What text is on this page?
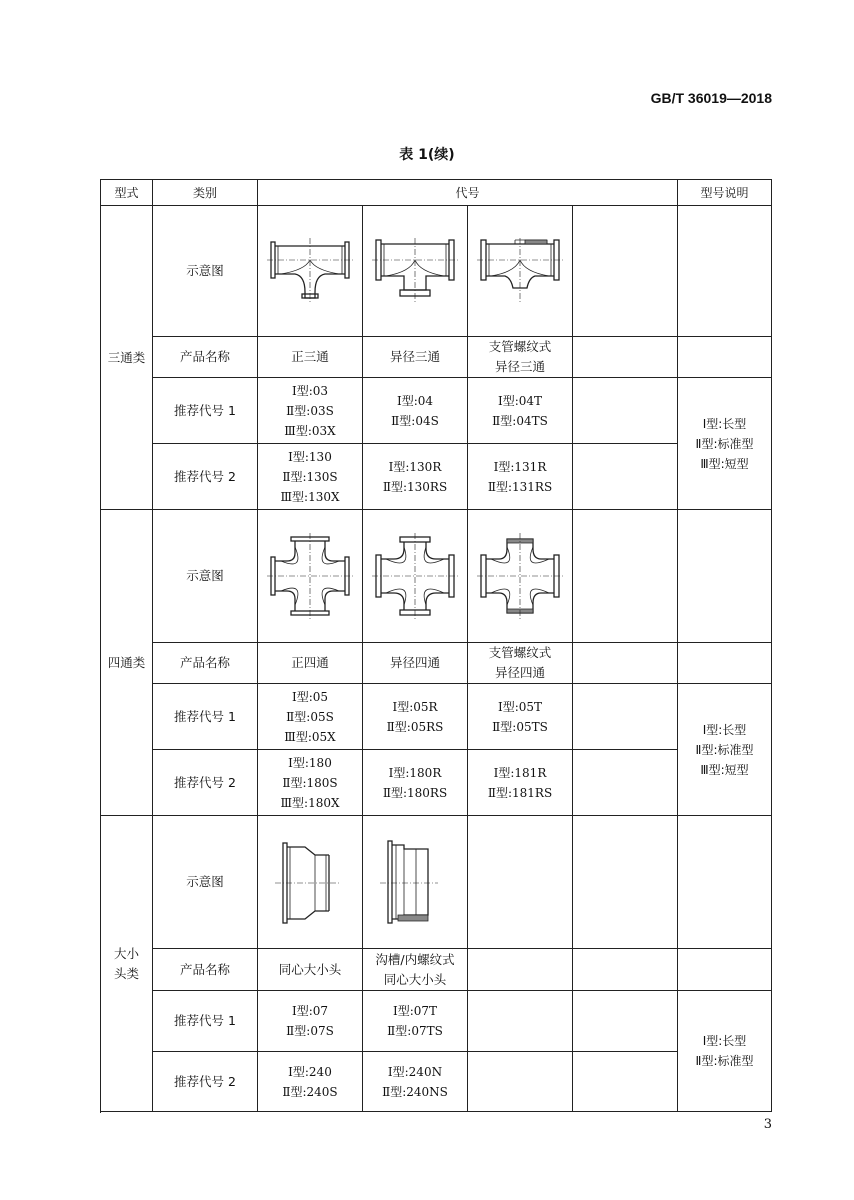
GB/T 36019—2018
表 1(续)
型式	类别	代号				型号说明
三通类	示意图	

	产品名称	正三通	异径三通	支管螺纹式
异径三通		

	推荐代号 1	Ⅰ型:03
Ⅱ型:03S
Ⅲ型:03X	Ⅰ型:04
Ⅱ型:04S	Ⅰ型:04T
Ⅱ型:04TS		Ⅰ型:长型
Ⅱ型:标准型
Ⅲ型:短型

	推荐代号 2	Ⅰ型:130
Ⅱ型:130S
Ⅲ型:130X	Ⅰ型:130R
Ⅱ型:130RS	Ⅰ型:131R
Ⅱ型:131RS		

四通类	示意图	

	产品名称	正四通	异径四通	支管螺纹式
异径四通		

	推荐代号 1	Ⅰ型:05
Ⅱ型:05S
Ⅲ型:05X	Ⅰ型:05R
Ⅱ型:05RS	Ⅰ型:05T
Ⅱ型:05TS		Ⅰ型:长型
Ⅱ型:标准型
Ⅲ型:短型

	推荐代号 2	Ⅰ型:180
Ⅱ型:180S
Ⅲ型:180X	Ⅰ型:180R
Ⅱ型:180RS	Ⅰ型:181R
Ⅱ型:181RS		

大小
头类	示意图	

	产品名称	同心大小头	沟槽/内螺纹式
同心大小头			

	推荐代号 1	Ⅰ型:07
Ⅱ型:07S	Ⅰ型:07T
Ⅱ型:07TS			Ⅰ型:长型
Ⅱ型:标准型

	推荐代号 2	Ⅰ型:240
Ⅱ型:240S	Ⅰ型:240N
Ⅱ型:240NS			

3
